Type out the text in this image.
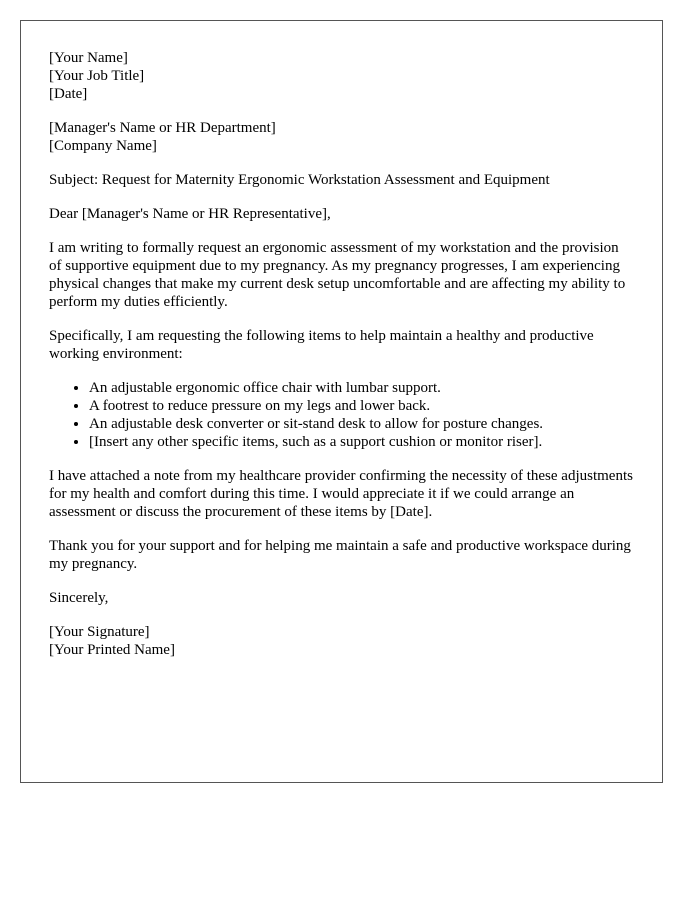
[Your Name]
[Your Job Title]
[Date]

[Manager's Name or HR Department]
[Company Name]

Subject: Request for Maternity Ergonomic Workstation Assessment and Equipment

Dear [Manager's Name or HR Representative],

I am writing to formally request an ergonomic assessment of my workstation and the provision of supportive equipment due to my pregnancy. As my pregnancy progresses, I am experiencing physical changes that make my current desk setup uncomfortable and are affecting my ability to perform my duties efficiently.

Specifically, I am requesting the following items to help maintain a healthy and productive working environment:

• An adjustable ergonomic office chair with lumbar support.
• A footrest to reduce pressure on my legs and lower back.
• An adjustable desk converter or sit-stand desk to allow for posture changes.
• [Insert any other specific items, such as a support cushion or monitor riser].

I have attached a note from my healthcare provider confirming the necessity of these adjustments for my health and comfort during this time. I would appreciate it if we could arrange an assessment or discuss the procurement of these items by [Date].

Thank you for your support and for helping me maintain a safe and productive workspace during my pregnancy.

Sincerely,

[Your Signature]
[Your Printed Name]
